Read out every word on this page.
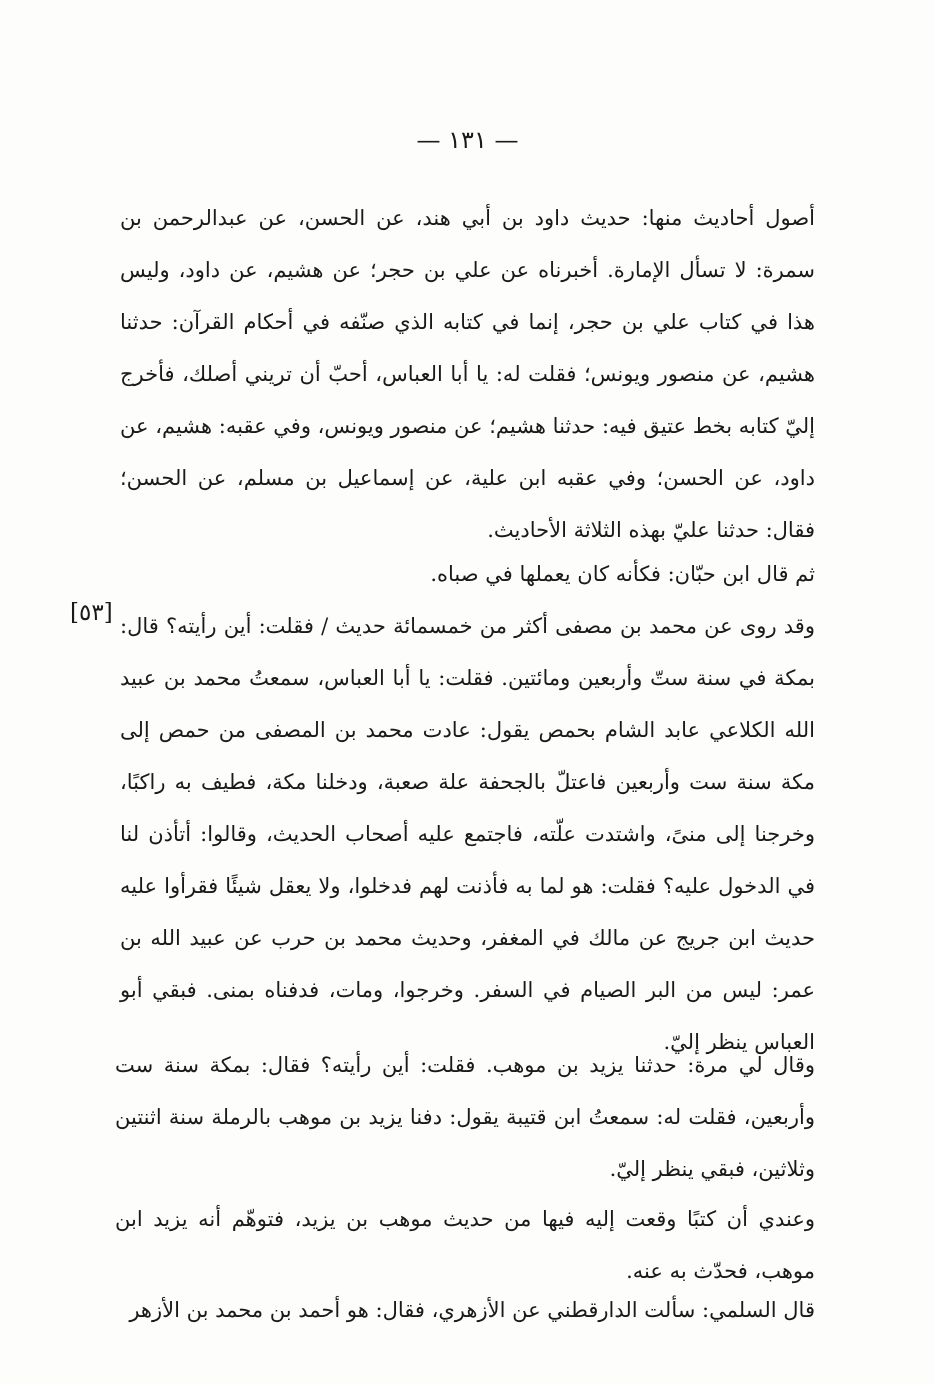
— ١٣١ —

أصول أحاديث منها: حديث داود بن أبي هند، عن الحسن، عن عبدالرحمن بن سمرة: لا تسأل الإمارة. أخبرناه عن علي بن حجر؛ عن هشيم، عن داود، وليس هذا في كتاب علي بن حجر، إنما في كتابه الذي صنّفه في أحكام القرآن: حدثنا هشيم، عن منصور ويونس؛ فقلت له: يا أبا العباس، أحبّ أن تريني أصلك، فأخرج إليّ كتابه بخط عتيق فيه: حدثنا هشيم؛ عن منصور ويونس، وفي عقبه: هشيم، عن داود، عن الحسن؛ وفي عقبه ابن علية، عن إسماعيل بن مسلم، عن الحسن؛ فقال: حدثنا عليّ بهذه الثلاثة الأحاديث.

ثم قال ابن حبّان: فكأنه كان يعملها في صباه.

وقد روى عن محمد بن مصفى أكثر من خمسمائة حديث / فقلت: أين رأيته؟ قال: بمكة في سنة ستّ وأربعين ومائتين. فقلت: يا أبا العباس، سمعتُ محمد بن عبيد الله الكلاعي عابد الشام بحمص يقول: عادت محمد بن المصفى من حمص إلى مكة سنة ست وأربعين فاعتلّ بالجحفة علة صعبة، ودخلنا مكة، فطيف به راكبًا، وخرجنا إلى منىً، واشتدت علّته، فاجتمع عليه أصحاب الحديث، وقالوا: أتأذن لنا في الدخول عليه؟ فقلت: هو لما به فأذنت لهم فدخلوا، ولا يعقل شيئًا فقرأوا عليه حديث ابن جريج عن مالك في المغفر، وحديث محمد بن حرب عن عبيد الله بن عمر: ليس من البر الصيام في السفر. وخرجوا، ومات، فدفناه بمنى. فبقي أبو العباس ينظر إليّ.

[٥٣]

وقال لي مرة: حدثنا يزيد بن موهب. فقلت: أين رأيته؟ فقال: بمكة سنة ست وأربعين، فقلت له: سمعتُ ابن قتيبة يقول: دفنا يزيد بن موهب بالرملة سنة اثنتين وثلاثين، فبقي ينظر إليّ.

وعندي أن كتبًا وقعت إليه فيها من حديث موهب بن يزيد، فتوهّم أنه يزيد ابن موهب، فحدّث به عنه.

قال السلمي: سألت الدارقطني عن الأزهري، فقال: هو أحمد بن محمد بن الأزهر
